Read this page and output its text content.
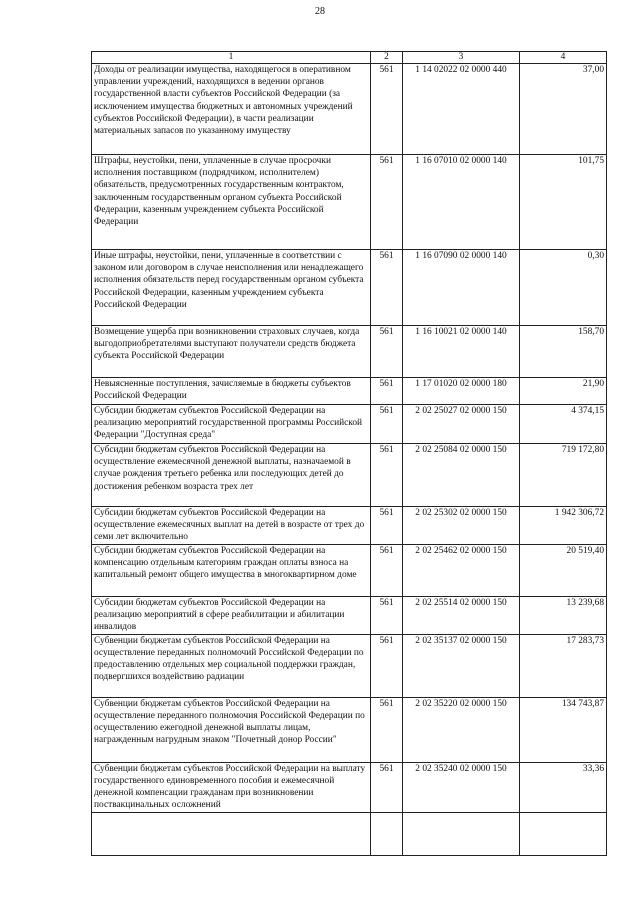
28
1	2	3	4
Доходы от реализации имущества, находящегося в оперативном управлении учреждений, находящихся в ведении органов государственной власти субъектов Российской Федерации (за исключением имущества бюджетных и автономных учреждений субъектов Российской Федерации), в части реализации материальных запасов по указанному имуществу	561	1 14 02022 02 0000 440	37,00
Штрафы, неустойки, пени, уплаченные в случае просрочки исполнения поставщиком (подрядчиком, исполнителем) обязательств, предусмотренных государственным контрактом, заключенным государственным органом субъекта Российской Федерации, казенным учреждением субъекта Российской Федерации	561	1 16 07010 02 0000 140	101,75
Иные штрафы, неустойки, пени, уплаченные в соответствии с законом или договором в случае неисполнения или ненадлежащего исполнения обязательств перед государственным органом субъекта Российской Федерации, казенным учреждением субъекта Российской Федерации	561	1 16 07090 02 0000 140	0,30
Возмещение ущерба при возникновении страховых случаев, когда выгодоприобретателями выступают получатели средств бюджета субъекта Российской Федерации	561	1 16 10021 02 0000 140	158,70
Невыясненные поступления, зачисляемые в бюджеты субъектов Российской Федерации	561	1 17 01020 02 0000 180	21,90
Субсидии бюджетам субъектов Российской Федерации на реализацию мероприятий государственной программы Российской Федерации "Доступная среда"	561	2 02 25027 02 0000 150	4 374,15
Субсидии бюджетам субъектов Российской Федерации на осуществление ежемесячной денежной выплаты, назначаемой в случае рождения третьего ребенка или последующих детей до достижения ребенком возраста трех лет	561	2 02 25084 02 0000 150	719 172,80
Субсидии бюджетам субъектов Российской Федерации на осуществление ежемесячных выплат на детей в возрасте от трех до семи лет включительно	561	2 02 25302 02 0000 150	1 942 306,72
Субсидии бюджетам субъектов Российской Федерации на компенсацию отдельным категориям граждан оплаты взноса на капитальный ремонт общего имущества в многоквартирном доме	561	2 02 25462 02 0000 150	20 519,40
Субсидии бюджетам субъектов Российской Федерации на реализацию мероприятий в сфере реабилитации и абилитации инвалидов	561	2 02 25514 02 0000 150	13 239,68
Субвенции бюджетам субъектов Российской Федерации на осуществление переданных полномочий Российской Федерации по предоставлению отдельных мер социальной поддержки граждан, подвергшихся воздействию радиации	561	2 02 35137 02 0000 150	17 283,73
Субвенции бюджетам субъектов Российской Федерации на осуществление переданного полномочия Российской Федерации по осуществлению ежегодной денежной выплаты лицам, награжденным нагрудным знаком "Почетный донор России"	561	2 02 35220 02 0000 150	134 743,87
Субвенции бюджетам субъектов Российской Федерации на выплату государственного единовременного пособия и ежемесячной денежной компенсации гражданам при возникновении поствакцинальных осложнений	561	2 02 35240 02 0000 150	33,36
